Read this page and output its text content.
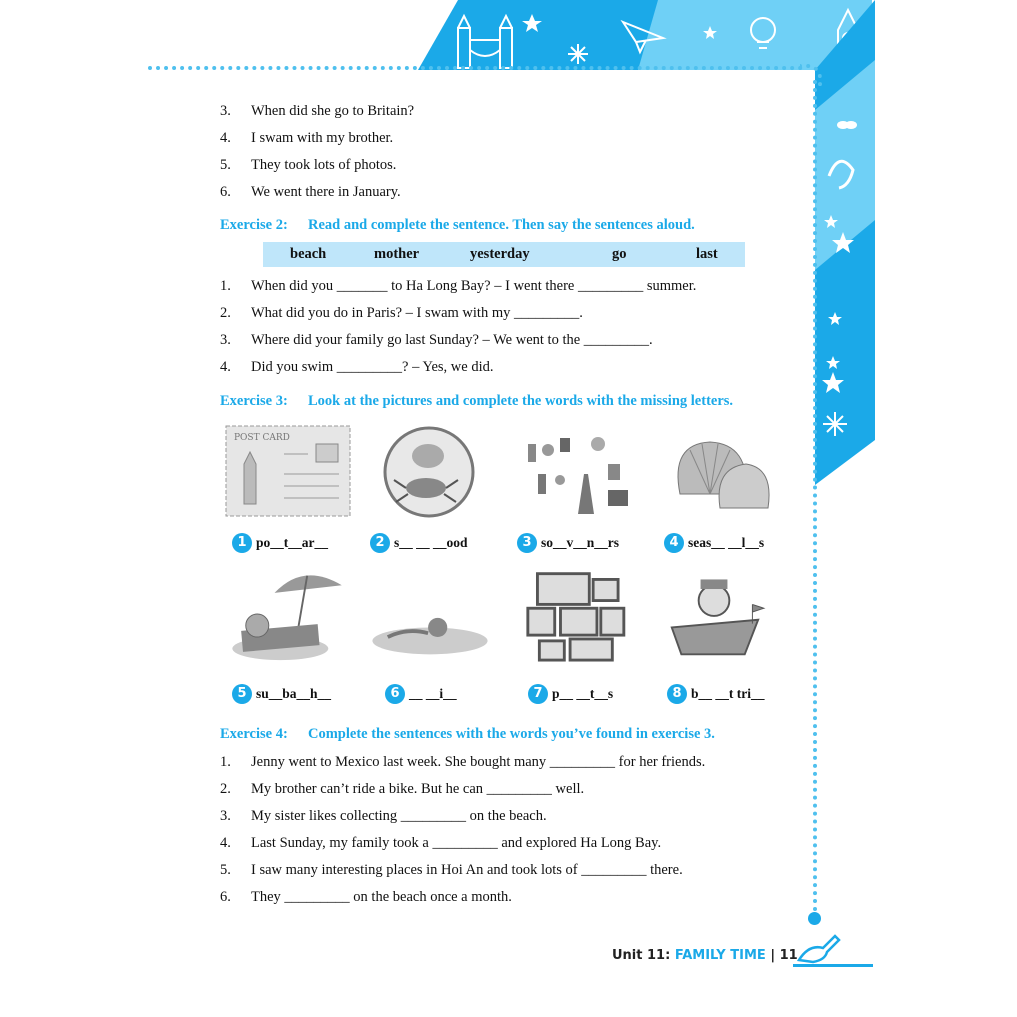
3. When did she go to Britain?
4. I swam with my brother.
5. They took lots of photos.
6. We went there in January.
Exercise 2: Read and complete the sentence. Then say the sentences aloud.
beach	mother	yesterday	go	last
1. When did you _______ to Ha Long Bay? – I went there _________ summer.
2. What did you do in Paris? – I swam with my _________.
3. Where did your family go last Sunday? – We went to the _________.
4. Did you swim _________? – Yes, we did.
Exercise 3: Look at the pictures and complete the words with the missing letters.
POST CARD
1 po__t__ar__	2 s__ __ __ood	3 so__v__n__rs	4 seas__ __l__s
5 su__ba__h__	6 __ __i__	7 p__ __t__s	8 b__ __t tri__
Exercise 4: Complete the sentences with the words you’ve found in exercise 3.
1. Jenny went to Mexico last week. She bought many _________ for her friends.
2. My brother can’t ride a bike. But he can _________ well.
3. My sister likes collecting _________ on the beach.
4. Last Sunday, my family took a _________ and explored Ha Long Bay.
5. I saw many interesting places in Hoi An and took lots of _________ there.
6. They _________ on the beach once a month.
Unit 11: FAMILY TIME | 11
